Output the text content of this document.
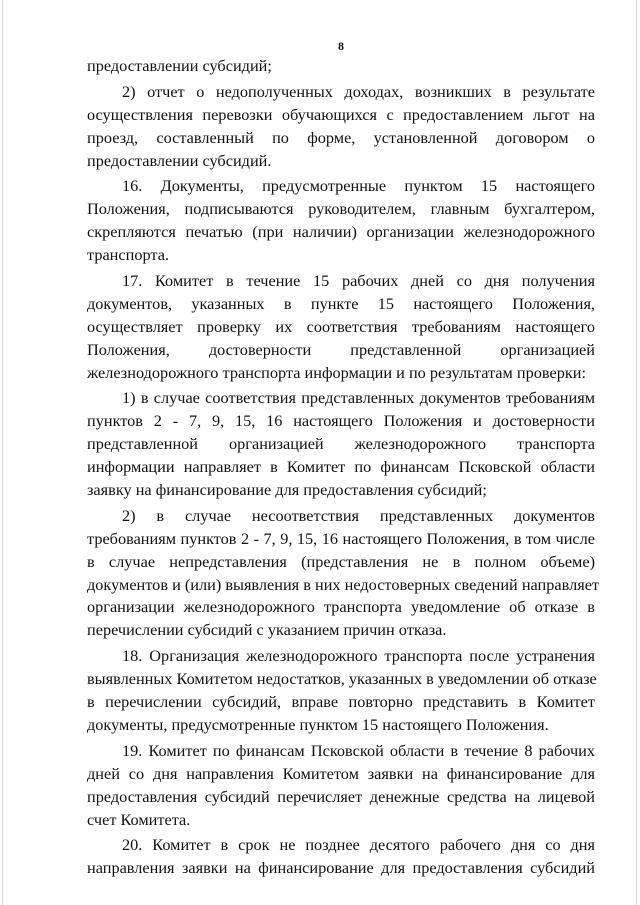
8
предоставлении субсидий;
2) отчет о недополученных доходах, возникших в результате
осуществления перевозки обучающихся с предоставлением льгот на
проезд, составленный по форме, установленной договором о
предоставлении субсидий.
16. Документы, предусмотренные пунктом 15 настоящего
Положения, подписываются руководителем, главным бухгалтером,
скрепляются печатью (при наличии) организации железнодорожного
транспорта.
17. Комитет в течение 15 рабочих дней со дня получения
документов, указанных в пункте 15 настоящего Положения,
осуществляет проверку их соответствия требованиям настоящего
Положения, достоверности представленной организацией
железнодорожного транспорта информации и по результатам проверки:
1) в случае соответствия представленных документов требованиям
пунктов 2 - 7, 9, 15, 16 настоящего Положения и достоверности
представленной организацией железнодорожного транспорта
информации направляет в Комитет по финансам Псковской области
заявку на финансирование для предоставления субсидий;
2) в случае несоответствия представленных документов
требованиям пунктов 2 - 7, 9, 15, 16 настоящего Положения, в том числе
в случае непредставления (представления не в полном объеме)
документов и (или) выявления в них недостоверных сведений направляет
организации железнодорожного транспорта уведомление об отказе в
перечислении субсидий с указанием причин отказа.
18. Организация железнодорожного транспорта после устранения
выявленных Комитетом недостатков, указанных в уведомлении об отказе
в перечислении субсидий, вправе повторно представить в Комитет
документы, предусмотренные пунктом 15 настоящего Положения.
19. Комитет по финансам Псковской области в течение 8 рабочих
дней со дня направления Комитетом заявки на финансирование для
предоставления субсидий перечисляет денежные средства на лицевой
счет Комитета.
20. Комитет в срок не позднее десятого рабочего дня со дня
направления заявки на финансирование для предоставления субсидий
